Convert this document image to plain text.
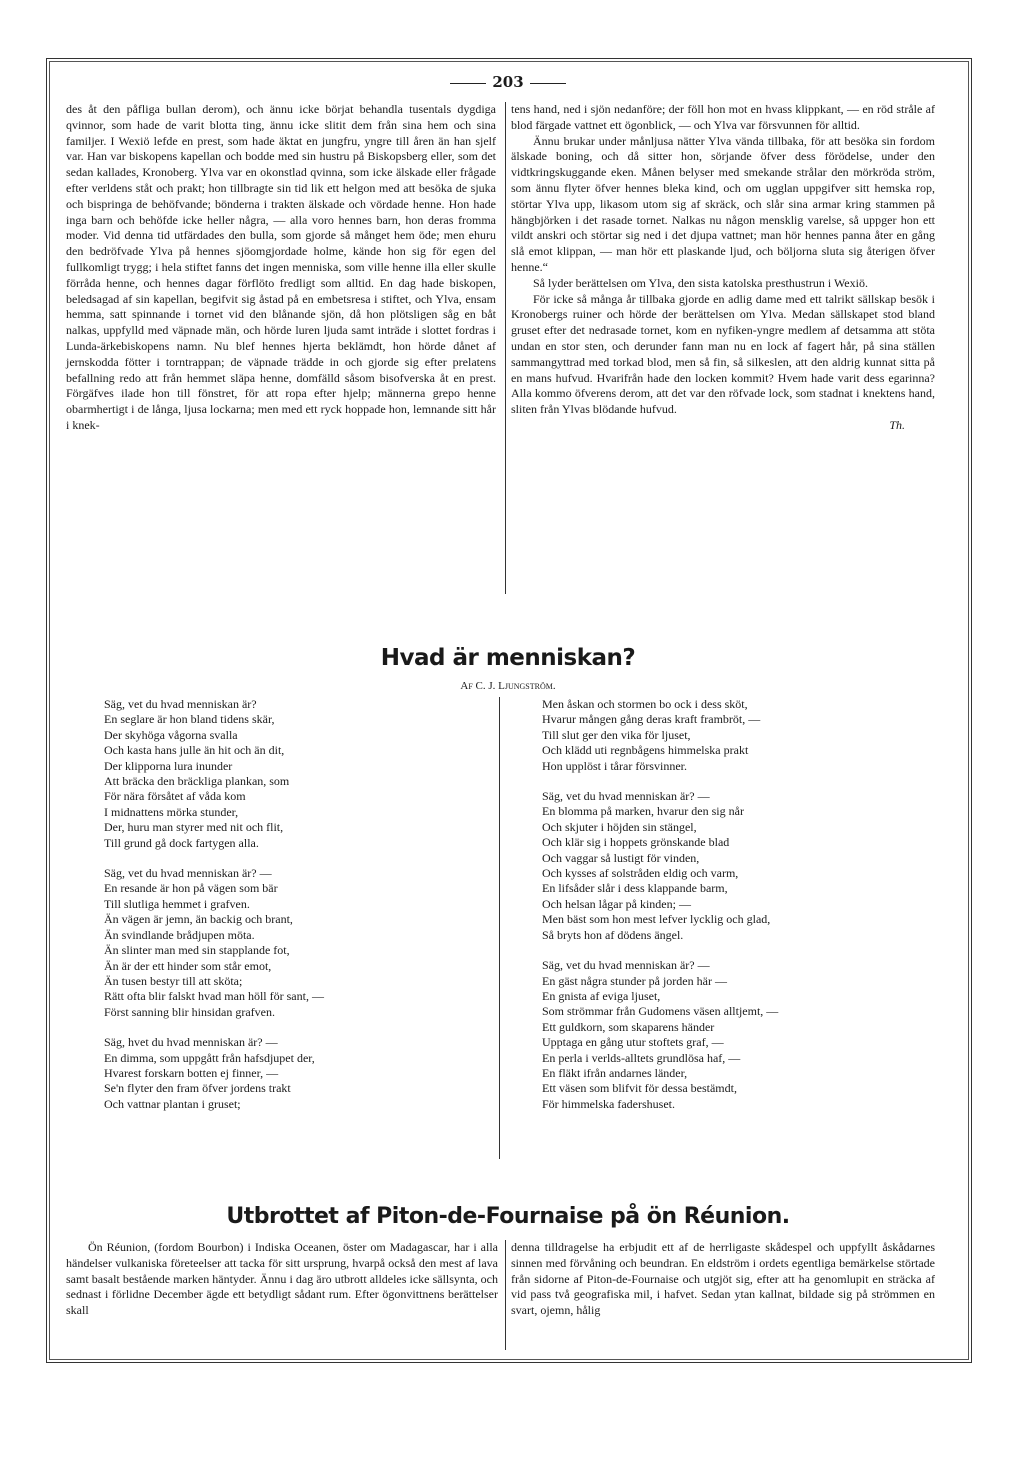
203

des åt den påfliga bullan derom), och ännu icke börjat behandla tusentals dygdiga qvinnor, som hade de varit blotta ting, ännu icke slitit dem från sina hem och sina familjer. I Wexiö lefde en prest, som hade äktat en jungfru, yngre till åren än han sjelf var. Han var biskopens kapellan och bodde med sin hustru på Biskopsberg eller, som det sedan kallades, Kronoberg. Ylva var en okonstlad qvinna, som icke älskade eller frågade efter verldens ståt och prakt; hon tillbragte sin tid lik ett helgon med att besöka de sjuka och bispringa de behöfvande; bönderna i trakten älskade och vördade henne. Hon hade inga barn och behöfde icke heller några, — alla voro hennes barn, hon deras fromma moder. Vid denna tid utfärdades den bulla, som gjorde så månget hem öde; men ehuru den bedröfvade Ylva på hennes sjöomgjordade holme, kände hon sig för egen del fullkomligt trygg; i hela stiftet fanns det ingen menniska, som ville henne illa eller skulle förråda henne, och hennes dagar förflöto fredligt som alltid. En dag hade biskopen, beledsagad af sin kapellan, begifvit sig åstad på en embetsresa i stiftet, och Ylva, ensam hemma, satt spinnande i tornet vid den blånande sjön, då hon plötsligen såg en båt nalkas, uppfylld med väpnade män, och hörde luren ljuda samt inträde i slottet fordras i Lunda-ärkebiskopens namn. Nu blef hennes hjerta beklämdt, hon hörde dånet af jernskodda fötter i torntrappan; de väpnade trädde in och gjorde sig efter prelatens befallning redo att från hemmet släpa henne, domfälld såsom bisofverska åt en prest. Förgäfves ilade hon till fönstret, för att ropa efter hjelp; männerna grepo henne obarmhertigt i de långa, ljusa lockarna; men med ett ryck hoppade hon, lemnande sitt hår i knek-

tens hand, ned i sjön nedanföre; der föll hon mot en hvass klippkant, — en röd stråle af blod färgade vattnet ett ögonblick, — och Ylva var försvunnen för alltid.

Ännu brukar under månljusa nätter Ylva vända tillbaka, för att besöka sin fordom älskade boning, och då sitter hon, sörjande öfver dess förödelse, under den vidtkringskuggande eken. Månen belyser med smekande strålar den mörkröda ström, som ännu flyter öfver hennes bleka kind, och om ugglan uppgifver sitt hemska rop, störtar Ylva upp, likasom utom sig af skräck, och slår sina armar kring stammen på hängbjörken i det rasade tornet. Nalkas nu någon mensklig varelse, så uppger hon ett vildt anskri och störtar sig ned i det djupa vattnet; man hör hennes panna åter en gång slå emot klippan, — man hör ett plaskande ljud, och böljorna sluta sig återigen öfver henne.“

Så lyder berättelsen om Ylva, den sista katolska presthustrun i Wexiö.

För icke så många år tillbaka gjorde en adlig dame med ett talrikt sällskap besök i Kronobergs ruiner och hörde der berättelsen om Ylva. Medan sällskapet stod bland gruset efter det nedrasade tornet, kom en nyfiken-yngre medlem af detsamma att stöta undan en stor sten, och derunder fann man nu en lock af fagert hår, på sina ställen sammangyttrad med torkad blod, men så fin, så silkeslen, att den aldrig kunnat sitta på en mans hufvud. Hvarifrån hade den locken kommit? Hvem hade varit dess egarinna? Alla kommo öfverens derom, att det var den röfvade lock, som stadnat i knektens hand, sliten från Ylvas blödande hufvud.

Th.

Hvad är menniskan?
Af C. J. Ljungström.
Säg, vet du hvad menniskan är?
En seglare är hon bland tidens skär,
Der skyhöga vågorna svalla
Och kasta hans julle än hit och än dit,
Der klipporna lura inunder
Att bräcka den bräckliga plankan, som
För nära försåtet af våda kom
I midnattens mörka stunder,
Der, huru man styrer med nit och flit,
Till grund gå dock fartygen alla.
Säg, vet du hvad menniskan är? —
En resande är hon på vägen som bär
Till slutliga hemmet i grafven.
Än vägen är jemn, än backig och brant,
Än svindlande brådjupen möta.
Än slinter man med sin stapplande fot,
Än är der ett hinder som står emot,
Än tusen bestyr till att sköta;
Rätt ofta blir falskt hvad man höll för sant, —
Först sanning blir hinsidan grafven.
Säg, hvet du hvad menniskan är? —
En dimma, som uppgått från hafsdjupet der,
Hvarest forskarn botten ej finner, —
Se'n flyter den fram öfver jordens trakt
Och vattnar plantan i gruset;
Men åskan och stormen bo ock i dess sköt,
Hvarur mången gång deras kraft frambröt, —
Till slut ger den vika för ljuset,
Och klädd uti regnbågens himmelska prakt
Hon upplöst i tårar försvinner.
Säg, vet du hvad menniskan är? —
En blomma på marken, hvarur den sig når
Och skjuter i höjden sin stängel,
Och klär sig i hoppets grönskande blad
Och vaggar så lustigt för vinden,
Och kysses af solstråden eldig och varm,
En lifsåder slår i dess klappande barm,
Och helsan lågar på kinden; —
Men bäst som hon mest lefver lycklig och glad,
Så bryts hon af dödens ängel.
Säg, vet du hvad menniskan är? —
En gäst några stunder på jorden här —
En gnista af eviga ljuset,
Som strömmar från Gudomens väsen alltjemt, —
Ett guldkorn, som skaparens händer
Upptaga en gång utur stoftets graf, —
En perla i verlds-alltets grundlösa haf, —
En fläkt ifrån andarnes länder,
Ett väsen som blifvit för dessa bestämdt,
För himmelska fadershuset.
Utbrottet af Piton-de-Fournaise på ön Réunion.

Ön Réunion, (fordom Bourbon) i Indiska Oceanen, öster om Madagascar, har i alla händelser vulkaniska företeelser att tacka för sitt ursprung, hvarpå också den mest af lava samt basalt bestående marken häntyder. Ännu i dag äro utbrott alldeles icke sällsynta, och sednast i förlidne December ägde ett betydligt sådant rum. Efter ögonvittnens berättelser skall

denna tilldragelse ha erbjudit ett af de herrligaste skådespel och uppfyllt åskådarnes sinnen med förvåning och beundran. En eldström i ordets egentliga bemärkelse störtade från sidorne af Piton-de-Fournaise och utgjöt sig, efter att ha genomlupit en sträcka af vid pass två geografiska mil, i hafvet. Sedan ytan kallnat, bildade sig på strömmen en svart, ojemn, hålig
